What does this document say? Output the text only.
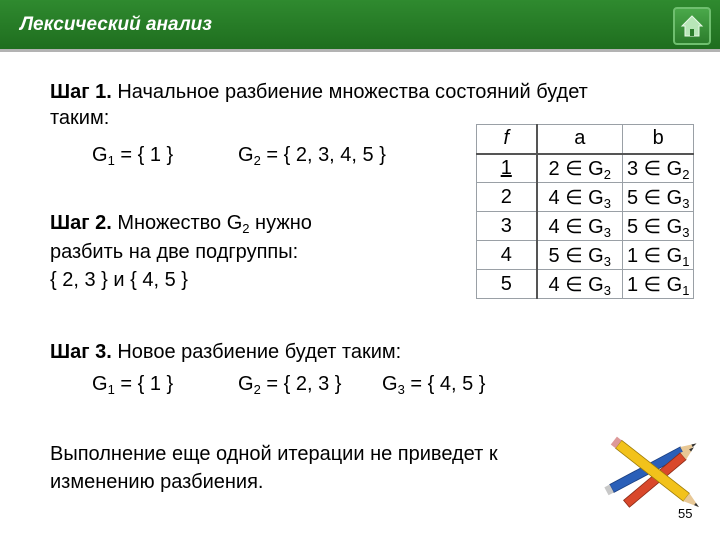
Лексический анализ
Шаг 1. Начальное разбиение множества состояний будет
таким:
$G_1$ = { 1 }	$G_2$ = { 2, 3, 4, 5 }
Шаг 2. Множество $G_2$ нужно
разбить на две подгруппы:
{ 2, 3 } и { 4, 5 }
f	a	b
1	2 ∈ $G_2$	3 ∈ $G_2$
2	4 ∈ $G_3$	5 ∈ $G_3$
3	4 ∈ $G_3$	5 ∈ $G_3$
4	5 ∈ $G_3$	1 ∈ $G_1$
5	4 ∈ $G_3$	1 ∈ $G_1$
Шаг 3. Новое разбиение будет таким:
$G_1$ = { 1 }	$G_2$ = { 2, 3 } $G_3$ = { 4, 5 }
Выполнение еще одной итерации не приведет к
изменению разбиения.
55
